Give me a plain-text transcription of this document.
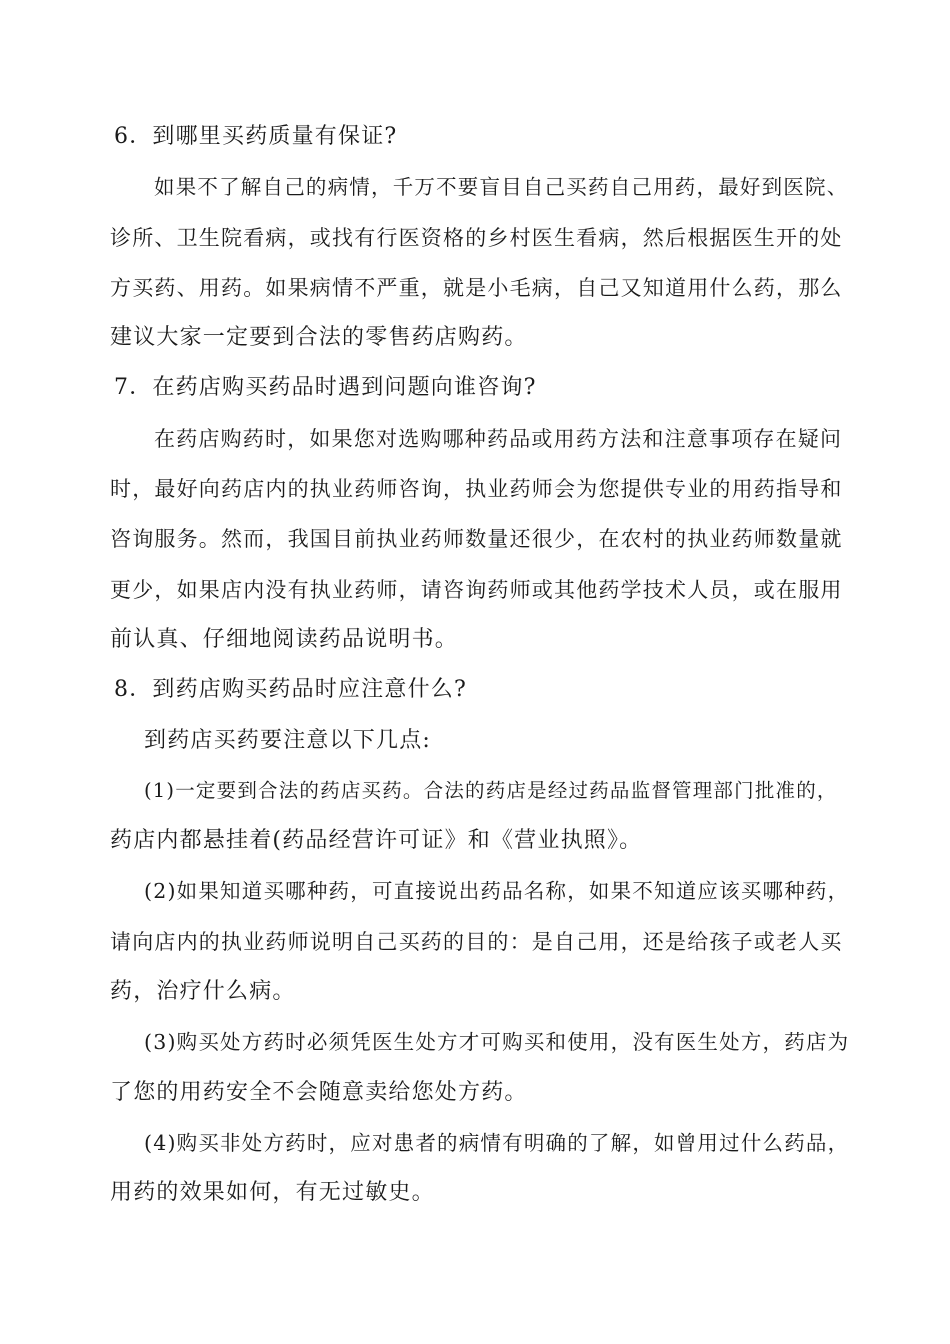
6．到哪里买药质量有保证?
如果不了解自己的病情，千万不要盲目自己买药自己用药，最好到医院、
诊所、卫生院看病，或找有行医资格的乡村医生看病，然后根据医生开的处
方买药、用药。如果病情不严重，就是小毛病，自己又知道用什么药，那么
建议大家一定要到合法的零售药店购药。
7．在药店购买药品时遇到问题向谁咨询?
在药店购药时，如果您对选购哪种药品或用药方法和注意事项存在疑问
时，最好向药店内的执业药师咨询，执业药师会为您提供专业的用药指导和
咨询服务。然而，我国目前执业药师数量还很少，在农村的执业药师数量就
更少，如果店内没有执业药师，请咨询药师或其他药学技术人员，或在服用
前认真、仔细地阅读药品说明书。
8．到药店购买药品时应注意什么?
到药店买药要注意以下几点:
(1)一定要到合法的药店买药。合法的药店是经过药品监督管理部门批准的，
药店内都悬挂着(药品经营许可证》和《营业执照》。
(2)如果知道买哪种药，可直接说出药品名称，如果不知道应该买哪种药，
请向店内的执业药师说明自己买药的目的：是自己用，还是给孩子或老人买
药，治疗什么病。
(3)购买处方药时必须凭医生处方才可购买和使用，没有医生处方，药店为
了您的用药安全不会随意卖给您处方药。
(4)购买非处方药时，应对患者的病情有明确的了解，如曾用过什么药品，
用药的效果如何，有无过敏史。
